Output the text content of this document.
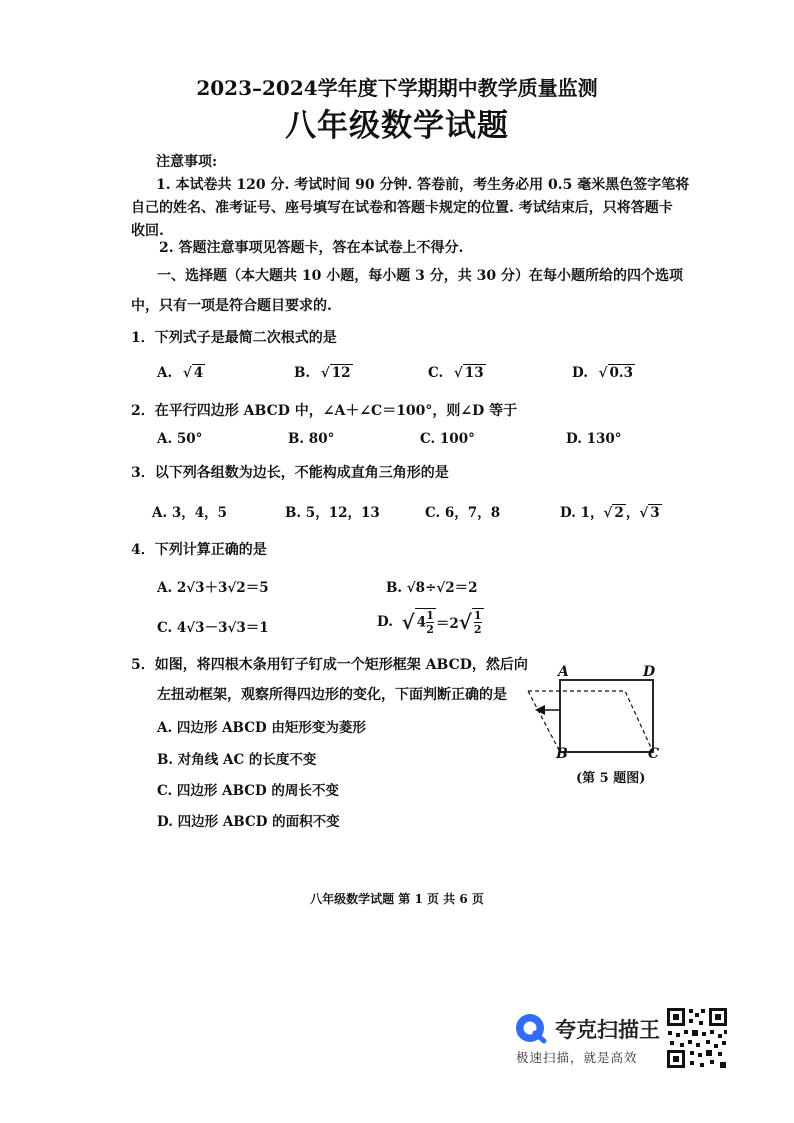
2023–2024学年度下学期期中教学质量监测
八年级数学试题
注意事项:
1. 本试卷共 120 分. 考试时间 90 分钟. 答卷前，考生务必用 0.5 毫米黑色签字笔将
自己的姓名、准考证号、座号填写在试卷和答题卡规定的位置. 考试结束后，只将答题卡
收回.
2. 答题注意事项见答题卡，答在本试卷上不得分.
一、选择题（本大题共 10 小题，每小题 3 分，共 30 分）在每小题所给的四个选项
中，只有一项是符合题目要求的.
1．下列式子是最简二次根式的是
A. √ 4	B. √ 12	C. √ 13	D. √ 0.3
2．在平行四边形 ABCD 中，∠A＋∠C＝100°，则∠D 等于
A. 50°	B. 80°	C. 100°	D. 130°
3．以下列各组数为边长，不能构成直角三角形的是
A. 3，4，5	B. 5，12，13	C. 6，7，8	D. 1，√ 2 ，√ 3
4．下列计算正确的是
A. 2√3＋3√2＝5	B. √8÷√2＝2
C. 4√3－3√3＝1	D. √ $4 \frac{1}{2} =2√ \frac{1}{2}$
5．如图，将四根木条用钉子钉成一个矩形框架 ABCD，然后向
左扭动框架，观察所得四边形的变化，下面判断正确的是
A. 四边形 ABCD 由矩形变为菱形
B. 对角线 AC 的长度不变
C. 四边形 ABCD 的周长不变
D. 四边形 ABCD 的面积不变
A	D
B	C
(第 5 题图)
八年级数学试题 第 1 页 共 6 页
夸克扫描王
极速扫描，就是高效
